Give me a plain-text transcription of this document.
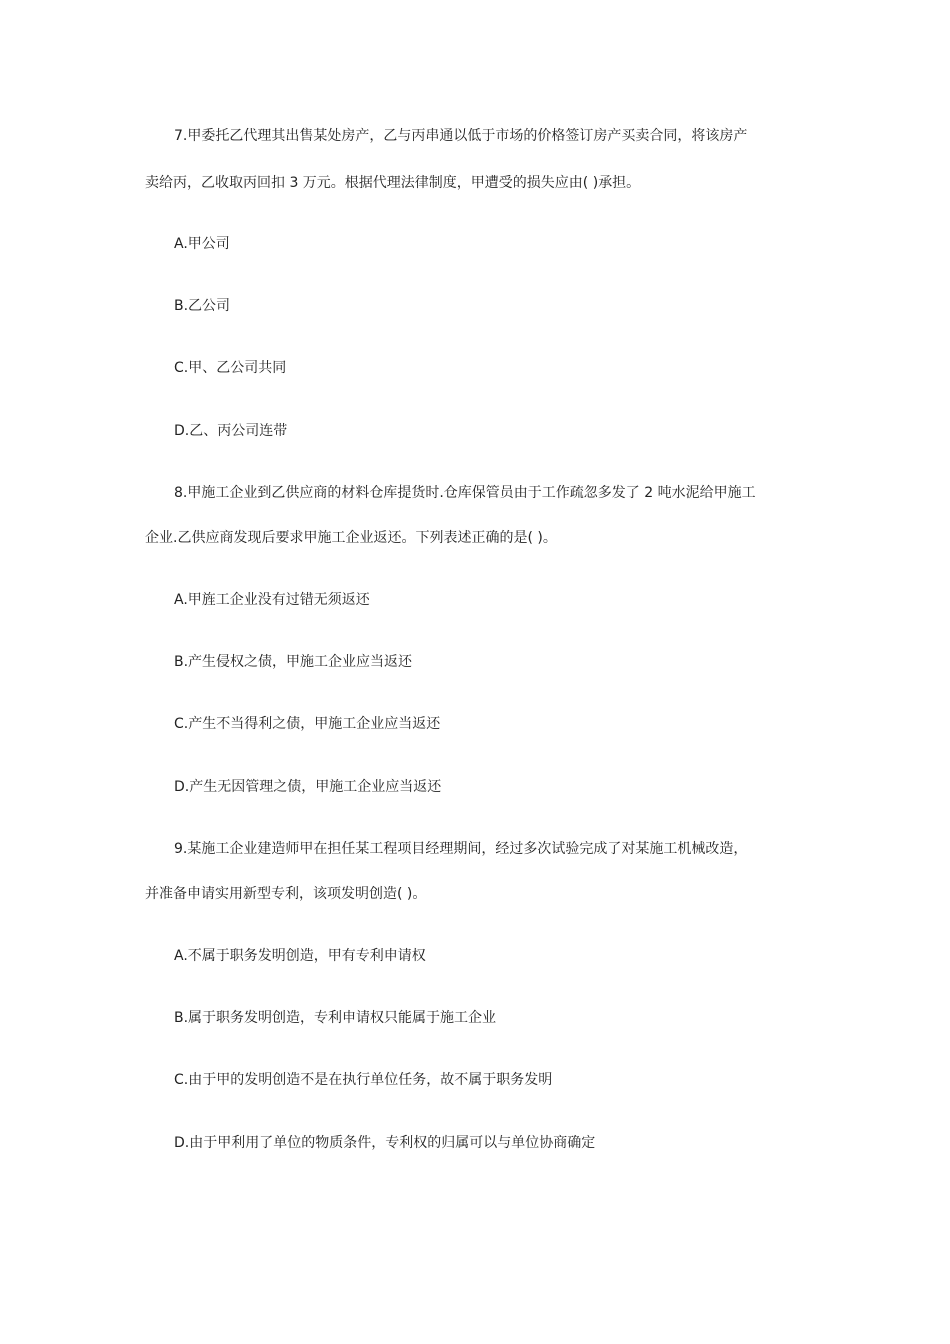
7.甲委托乙代理其出售某处房产，乙与丙串通以低于市场的价格签订房产买卖合同，将该房产
卖给丙，乙收取丙回扣 3 万元。根据代理法律制度，甲遭受的损失应由( )承担。
A.甲公司
B.乙公司
C.甲、乙公司共同
D.乙、丙公司连带
8.甲施工企业到乙供应商的材料仓库提货时.仓库保管员由于工作疏忽多发了 2 吨水泥给甲施工
企业.乙供应商发现后要求甲施工企业返还。下列表述正确的是( )。
A.甲旌工企业没有过错无须返还
B.产生侵权之债，甲施工企业应当返还
C.产生不当得利之债，甲施工企业应当返还
D.产生无因管理之债，甲施工企业应当返还
9.某施工企业建造师甲在担任某工程项目经理期间，经过多次试验完成了对某施工机械改造，
并准备申请实用新型专利，该项发明创造( )。
A.不属于职务发明创造，甲有专利申请权
B.属于职务发明创造，专利申请权只能属于施工企业
C.由于甲的发明创造不是在执行单位任务，故不属于职务发明
D.由于甲利用了单位的物质条件，专利权的归属可以与单位协商确定
